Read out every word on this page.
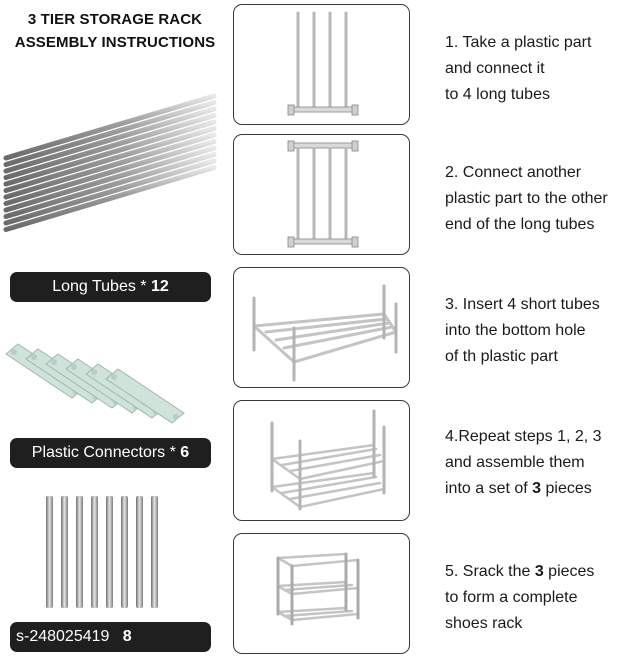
3 TIER STORAGE RACK
ASSEMBLY INSTRUCTIONS
Long Tubes * 12
Plastic Connectors * 6
s-248025419 8
1. Take a plastic part
and connect it
to 4 long tubes
2. Connect another
plastic part to the other
end of the long tubes
3. Insert 4 short tubes
into the bottom hole
of th plastic part
4.Repeat steps 1, 2, 3
and assemble them
into a set of 3 pieces
5. Srack the 3 pieces
to form a complete
shoes rack
